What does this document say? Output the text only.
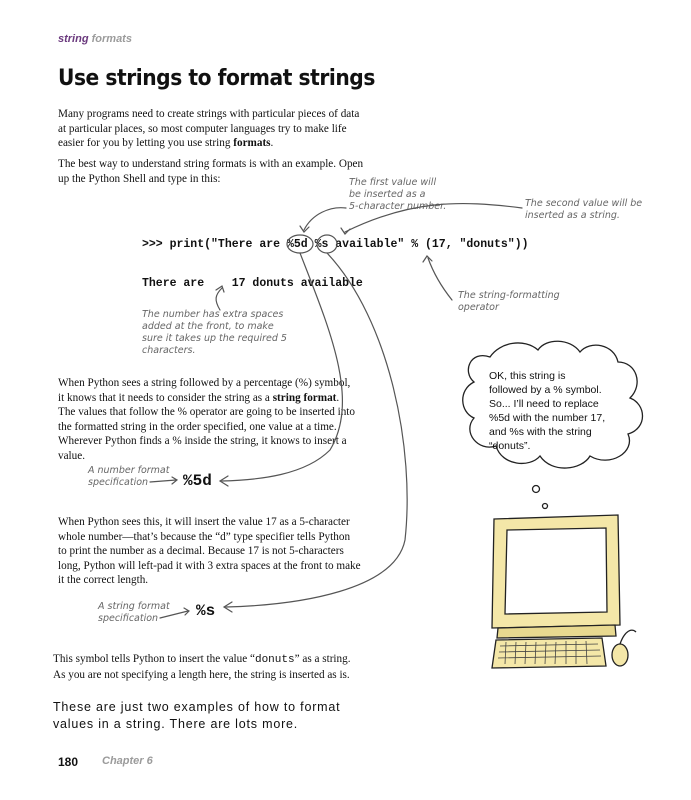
string formats
Use strings to format strings
Many programs need to create strings with particular pieces of data
at particular places, so most computer languages try to make life
easier for you by letting you use string formats.
The best way to understand string formats is with an example. Open
up the Python Shell and type in this:	The first value will
be inserted as a
5-character number.	The second value will be
inserted as a string.
>>> print("There are %5d %s available" % (17, "donuts"))
There are    17 donuts available
The string-formatting
operator
The number has extra spaces
added at the front, to make
sure it takes up the required 5
characters.
When Python sees a string followed by a percentage (%) symbol,
it knows that it needs to consider the string as a string format.
The values that follow the % operator are going to be inserted into
the formatted string in the order specified, one value at a time.
Wherever Python finds a % inside the string, it knows to insert a
value.
A number format
specification	%5d
When Python sees this, it will insert the value 17 as a 5-character
whole number—that’s because the “d” type specifier tells Python
to print the number as a decimal. Because 17 is not 5-characters
long, Python will left-pad it with 3 extra spaces at the front to make
it the correct length.
A string format
specification	%s
This symbol tells Python to insert the value “donuts” as a string.
As you are not specifying a length here, the string is inserted as is.
These are just two examples of how to format
values in a string. There are lots more.
180 Chapter 6
OK, this string is
followed by a % symbol.
So... I’ll need to replace
%5d with the number 17,
and %s with the string
“donuts”.
